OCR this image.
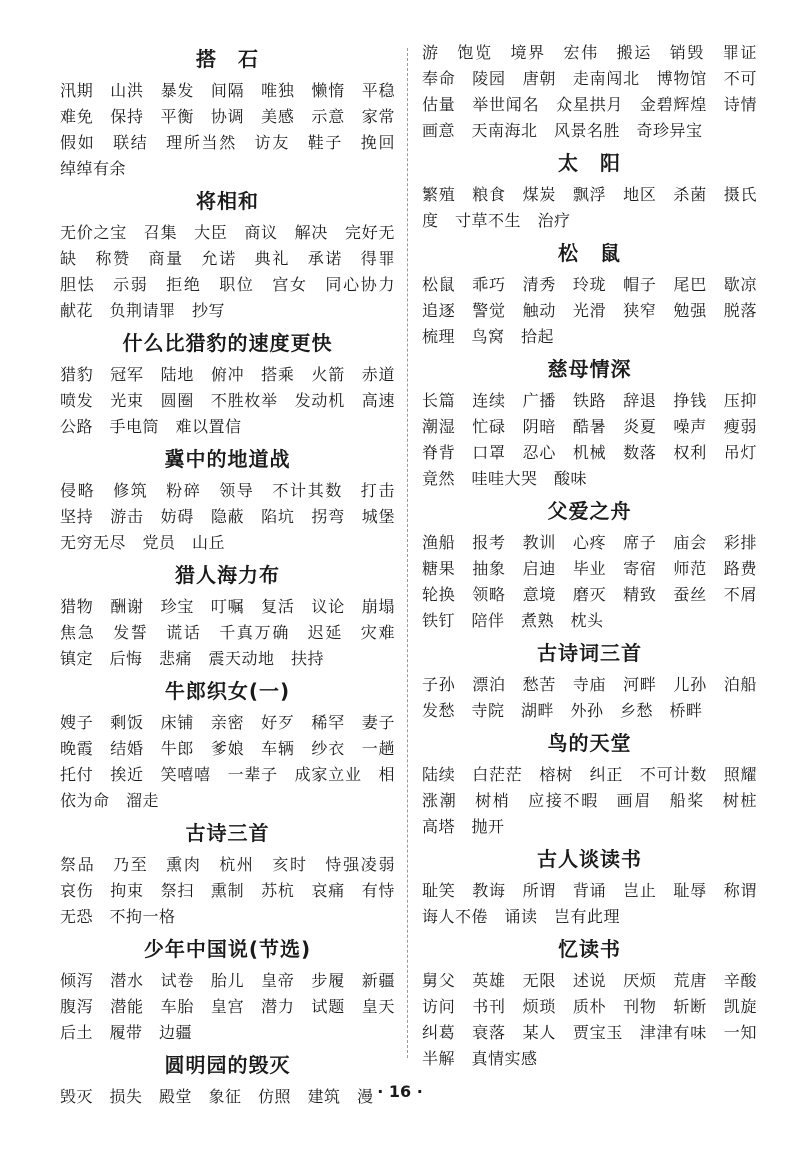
搭　石
汛期　山洪　暴发　间隔　唯独　懒惰　平稳　难免　保持　平衡　协调　美感　示意　家常　假如　联结　理所当然　访友　鞋子　挽回　绰绰有余
将相和
无价之宝　召集　大臣　商议　解决　完好无缺　称赞　商量　允诺　典礼　承诺　得罪　胆怯　示弱　拒绝　职位　宫女　同心协力　献花　负荆请罪　抄写
什么比猎豹的速度更快
猎豹　冠军　陆地　俯冲　搭乘　火箭　赤道　喷发　光束　圆圈　不胜枚举　发动机　高速公路　手电筒　难以置信
冀中的地道战
侵略　修筑　粉碎　领导　不计其数　打击　坚持　游击　妨碍　隐蔽　陷坑　拐弯　城堡　无穷无尽　党员　山丘
猎人海力布
猎物　酬谢　珍宝　叮嘱　复活　议论　崩塌　焦急　发誓　谎话　千真万确　迟延　灾难　镇定　后悔　悲痛　震天动地　扶持
牛郎织女(一)
嫂子　剩饭　床铺　亲密　好歹　稀罕　妻子　晚霞　结婚　牛郎　爹娘　车辆　纱衣　一趟　托付　挨近　笑嘻嘻　一辈子　成家立业　相依为命　溜走
古诗三首
祭品　乃至　熏肉　杭州　亥时　恃强凌弱　哀伤　拘束　祭扫　熏制　苏杭　哀痛　有恃无恐　不拘一格
少年中国说(节选)
倾泻　潜水　试卷　胎儿　皇帝　步履　新疆　腹泻　潜能　车胎　皇宫　潜力　试题　皇天后土　履带　边疆
圆明园的毁灭
毁灭　损失　殿堂　象征　仿照　建筑　漫
游　饱览　境界　宏伟　搬运　销毁　罪证　奉命　陵园　唐朝　走南闯北　博物馆　不可估量　举世闻名　众星拱月　金碧辉煌　诗情画意　天南海北　风景名胜　奇珍异宝
太　阳
繁殖　粮食　煤炭　飘浮　地区　杀菌　摄氏度　寸草不生　治疗
松　鼠
松鼠　乖巧　清秀　玲珑　帽子　尾巴　歇凉　追逐　警觉　触动　光滑　狭窄　勉强　脱落　梳理　鸟窝　拾起
慈母情深
长篇　连续　广播　铁路　辞退　挣钱　压抑　潮湿　忙碌　阴暗　酷暑　炎夏　噪声　瘦弱　脊背　口罩　忍心　机械　数落　权利　吊灯　竟然　哇哇大哭　酸味
父爱之舟
渔船　报考　教训　心疼　席子　庙会　彩排　糖果　抽象　启迪　毕业　寄宿　师范　路费　轮换　领略　意境　磨灭　精致　蚕丝　不屑　铁钉　陪伴　煮熟　枕头
古诗词三首
子孙　漂泊　愁苦　寺庙　河畔　儿孙　泊船　发愁　寺院　湖畔　外孙　乡愁　桥畔
鸟的天堂
陆续　白茫茫　榕树　纠正　不可计数　照耀　涨潮　树梢　应接不暇　画眉　船桨　树桩　高塔　抛开
古人谈读书
耻笑　教诲　所谓　背诵　岂止　耻辱　称谓　诲人不倦　诵读　岂有此理
忆读书
舅父　英雄　无限　述说　厌烦　荒唐　辛酸　访问　书刊　烦琐　质朴　刊物　斩断　凯旋　纠葛　衰落　某人　贾宝玉　津津有味　一知半解　真情实感
· 16 ·
